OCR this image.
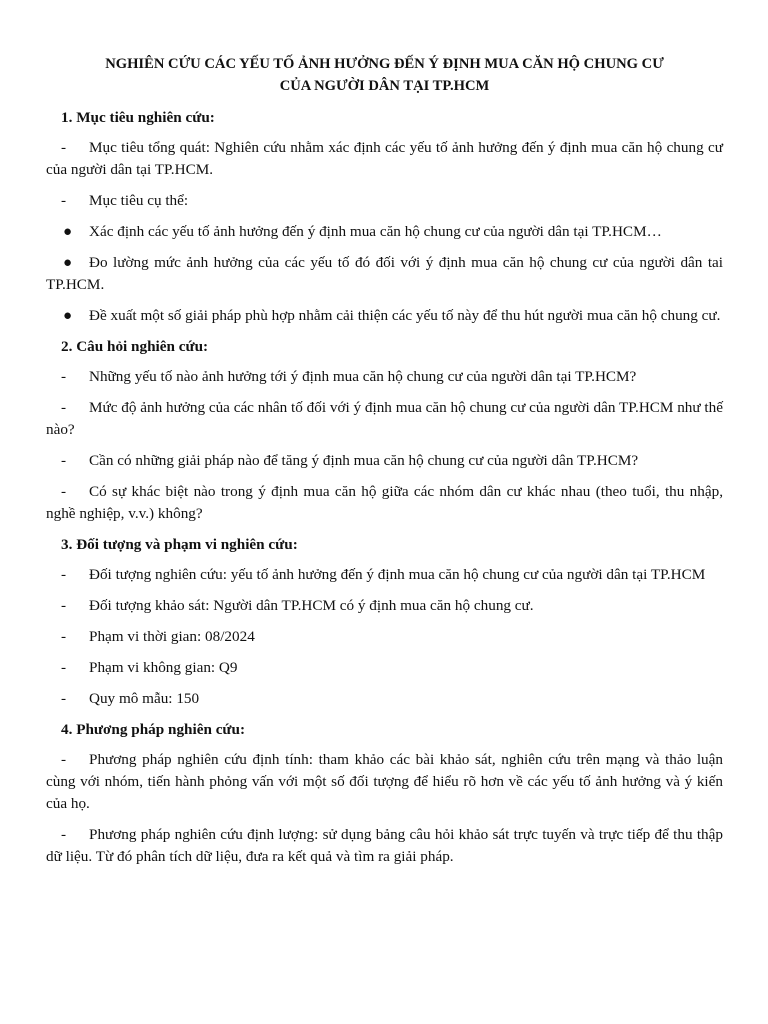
NGHIÊN CỨU CÁC YẾU TỐ ẢNH HƯỞNG ĐẾN Ý ĐỊNH MUA CĂN HỘ CHUNG CƯ
CỦA NGƯỜI DÂN TẠI TP.HCM
1. Mục tiêu nghiên cứu:
- Mục tiêu tổng quát: Nghiên cứu nhằm xác định các yếu tố ảnh hưởng đến ý định mua căn hộ chung cư của người dân tại TP.HCM.
- Mục tiêu cụ thể:
● Xác định các yếu tố ảnh hưởng đến ý định mua căn hộ chung cư của người dân tại TP.HCM…
● Đo lường mức ảnh hưởng của các yếu tố đó đối với ý định mua căn hộ chung cư của người dân tai TP.HCM.
● Đề xuất một số giải pháp phù hợp nhằm cải thiện các yếu tố này để thu hút người mua căn hộ chung cư.
2. Câu hỏi nghiên cứu:
- Những yếu tố nào ảnh hưởng tới ý định mua căn hộ chung cư của người dân tại TP.HCM?
- Mức độ ảnh hưởng của các nhân tố đối với ý định mua căn hộ chung cư của người dân TP.HCM như thế nào?
- Cần có những giải pháp nào để tăng ý định mua căn hộ chung cư của người dân TP.HCM?
- Có sự khác biệt nào trong ý định mua căn hộ giữa các nhóm dân cư khác nhau (theo tuổi, thu nhập, nghề nghiệp, v.v.) không?
3. Đối tượng và phạm vi nghiên cứu:
- Đối tượng nghiên cứu: yếu tố ảnh hưởng đến ý định mua căn hộ chung cư của người dân tại TP.HCM
- Đối tượng khảo sát: Người dân TP.HCM có ý định mua căn hộ chung cư.
- Phạm vi thời gian: 08/2024
- Phạm vi không gian: Q9
- Quy mô mẫu: 150
4. Phương pháp nghiên cứu:
- Phương pháp nghiên cứu định tính: tham khảo các bài khảo sát, nghiên cứu trên mạng và thảo luận cùng với nhóm, tiến hành phỏng vấn với một số đối tượng để hiểu rõ hơn về các yếu tố ảnh hưởng và ý kiến của họ.
- Phương pháp nghiên cứu định lượng: sử dụng bảng câu hỏi khảo sát trực tuyến và trực tiếp để thu thập dữ liệu. Từ đó phân tích dữ liệu, đưa ra kết quả và tìm ra giải pháp.
